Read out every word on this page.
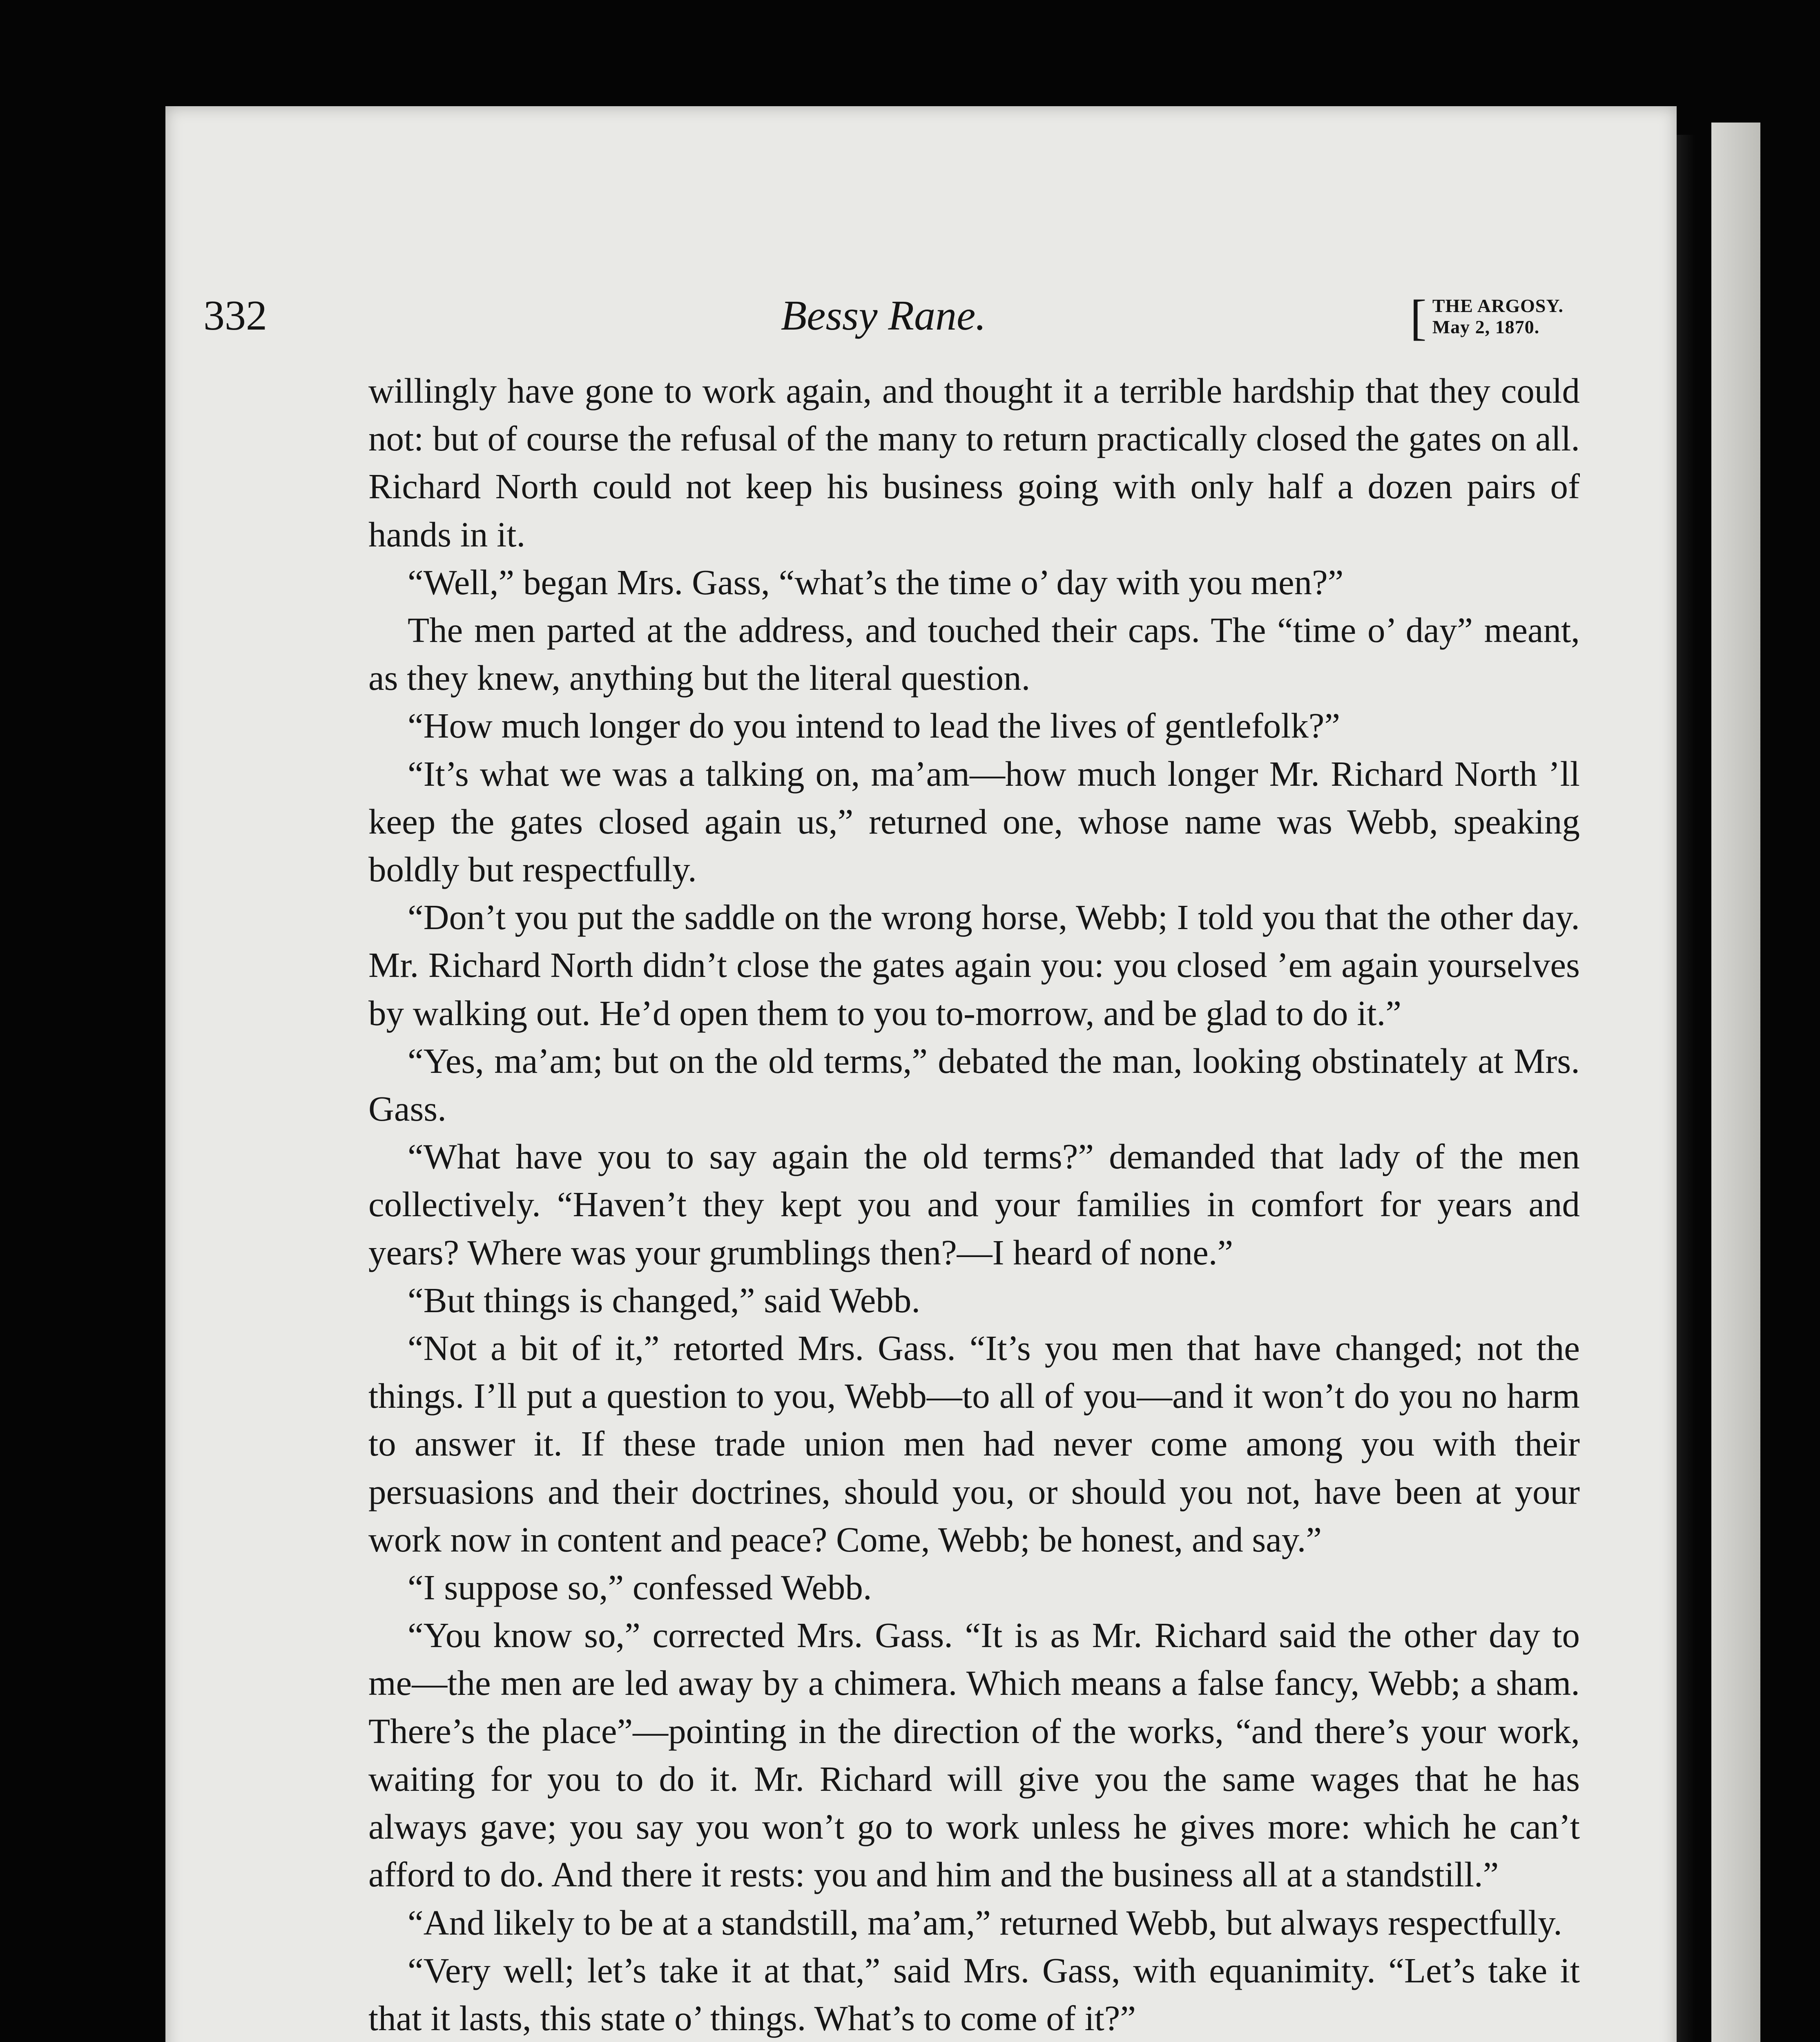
332	Bessy Rane.	[ THE ARGOSY.
May 2, 1870.

willingly have gone to work again, and thought it a terrible hardship that they could not: but of course the refusal of the many to return practically closed the gates on all. Richard North could not keep his business going with only half a dozen pairs of hands in it.

“Well,” began Mrs. Gass, “what’s the time o’ day with you men?”

The men parted at the address, and touched their caps. The “time o’ day” meant, as they knew, anything but the literal question.

“How much longer do you intend to lead the lives of gentlefolk?”

“It’s what we was a talking on, ma’am—how much longer Mr. Richard North ’ll keep the gates closed again us,” returned one, whose name was Webb, speaking boldly but respectfully.

“Don’t you put the saddle on the wrong horse, Webb; I told you that the other day. Mr. Richard North didn’t close the gates again you: you closed ’em again yourselves by walking out. He’d open them to you to-morrow, and be glad to do it.”

“Yes, ma’am; but on the old terms,” debated the man, looking obstinately at Mrs. Gass.

“What have you to say again the old terms?” demanded that lady of the men collectively. “Haven’t they kept you and your families in comfort for years and years? Where was your grumblings then?—I heard of none.”

“But things is changed,” said Webb.

“Not a bit of it,” retorted Mrs. Gass. “It’s you men that have changed; not the things. I’ll put a question to you, Webb—to all of you—and it won’t do you no harm to answer it. If these trade union men had never come among you with their persuasions and their doctrines, should you, or should you not, have been at your work now in content and peace? Come, Webb; be honest, and say.”

“I suppose so,” confessed Webb.

“You know so,” corrected Mrs. Gass. “It is as Mr. Richard said the other day to me—the men are led away by a chimera. Which means a false fancy, Webb; a sham. There’s the place”—pointing in the direction of the works, “and there’s your work, waiting for you to do it. Mr. Richard will give you the same wages that he has always gave; you say you won’t go to work unless he gives more: which he can’t afford to do. And there it rests: you and him and the business all at a standstill.”

“And likely to be at a standstill, ma’am,” returned Webb, but always respectfully.

“Very well; let’s take it at that,” said Mrs. Gass, with equanimity. “Let’s take it that it lasts, this state o’ things. What’s to come of it?”
